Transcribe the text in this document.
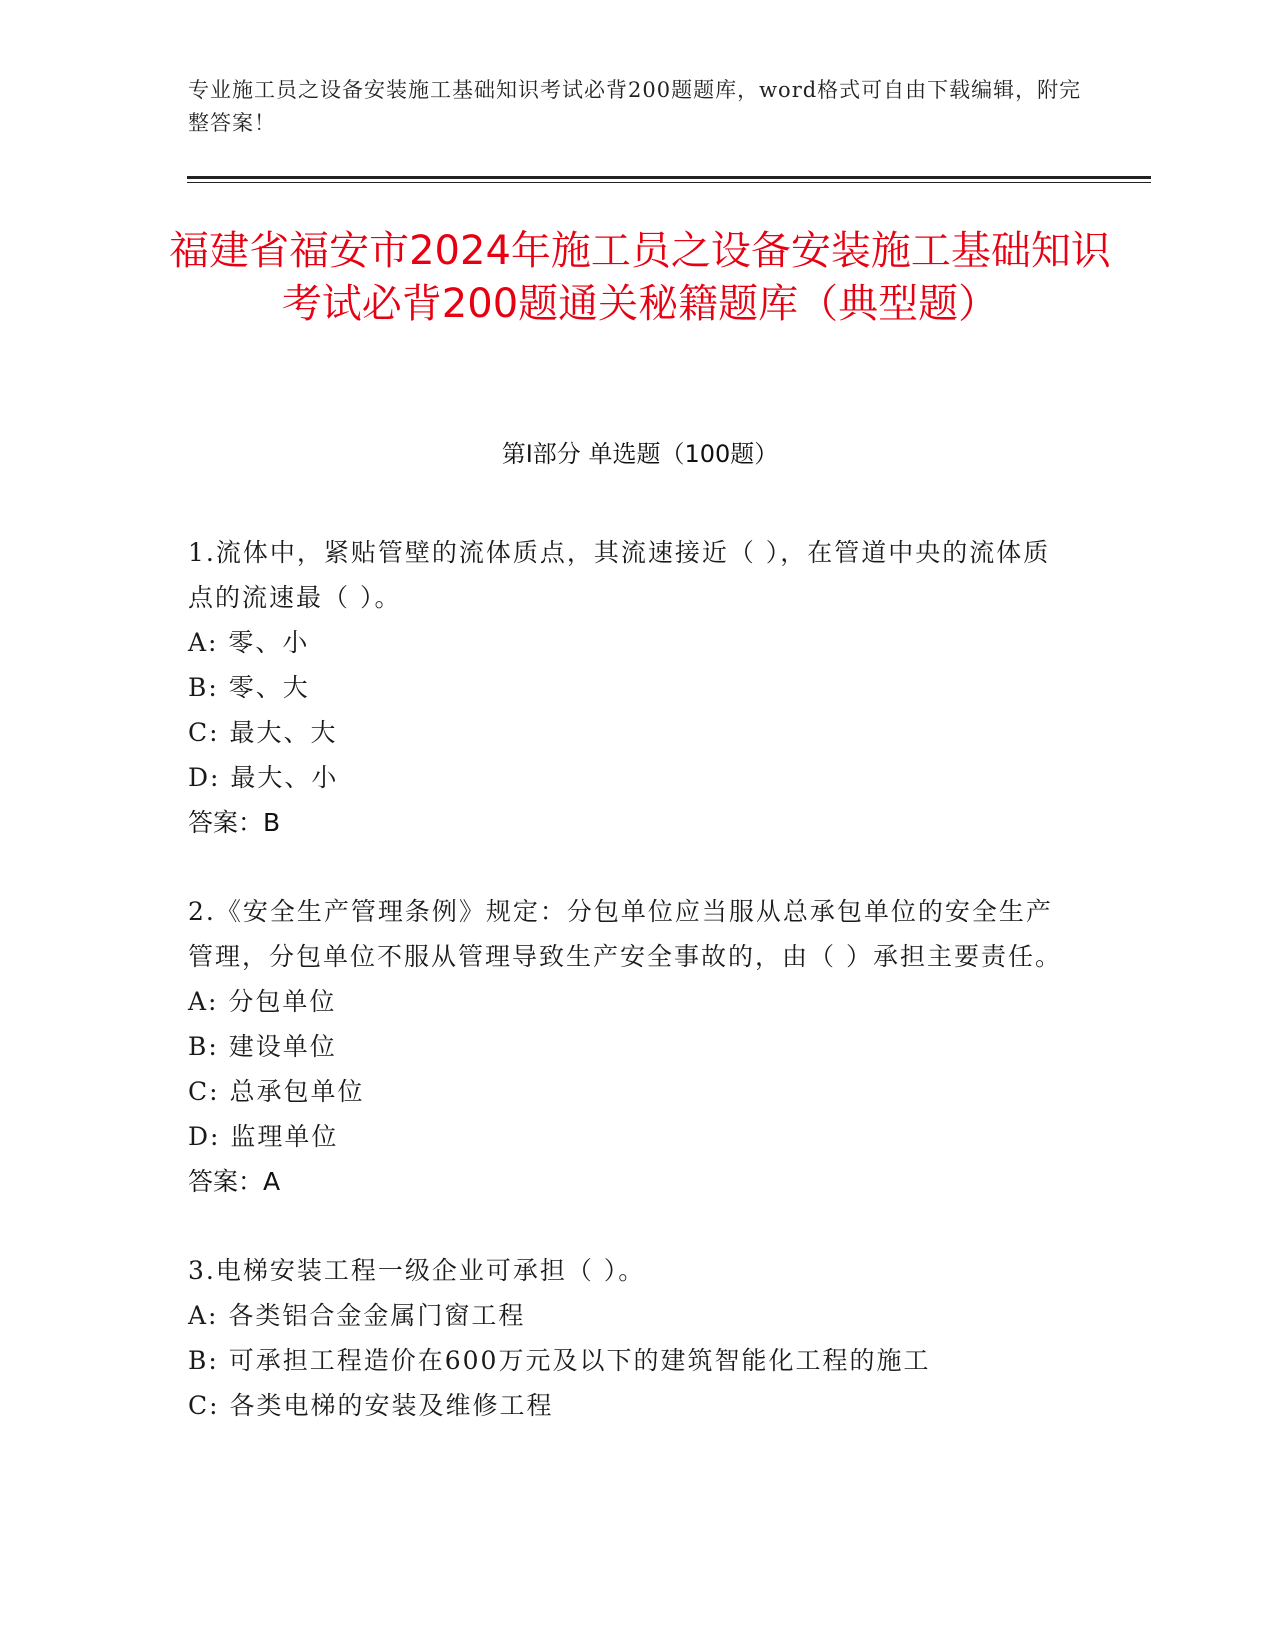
专业施工员之设备安装施工基础知识考试必背200题题库，word格式可自由下载编辑，附完整答案！
福建省福安市2024年施工员之设备安装施工基础知识考试必背200题通关秘籍题库（典型题）
第Ⅰ部分 单选题（100题）
1.流体中，紧贴管壁的流体质点，其流速接近（ ），在管道中央的流体质点的流速最（ ）。
A: 零、小
B: 零、大
C: 最大、大
D: 最大、小
答案：B
2.《安全生产管理条例》规定：分包单位应当服从总承包单位的安全生产管理，分包单位不服从管理导致生产安全事故的，由（ ）承担主要责任。
A: 分包单位
B: 建设单位
C: 总承包单位
D: 监理单位
答案：A
3.电梯安装工程一级企业可承担（ ）。
A: 各类铝合金金属门窗工程
B: 可承担工程造价在600万元及以下的建筑智能化工程的施工
C: 各类电梯的安装及维修工程
